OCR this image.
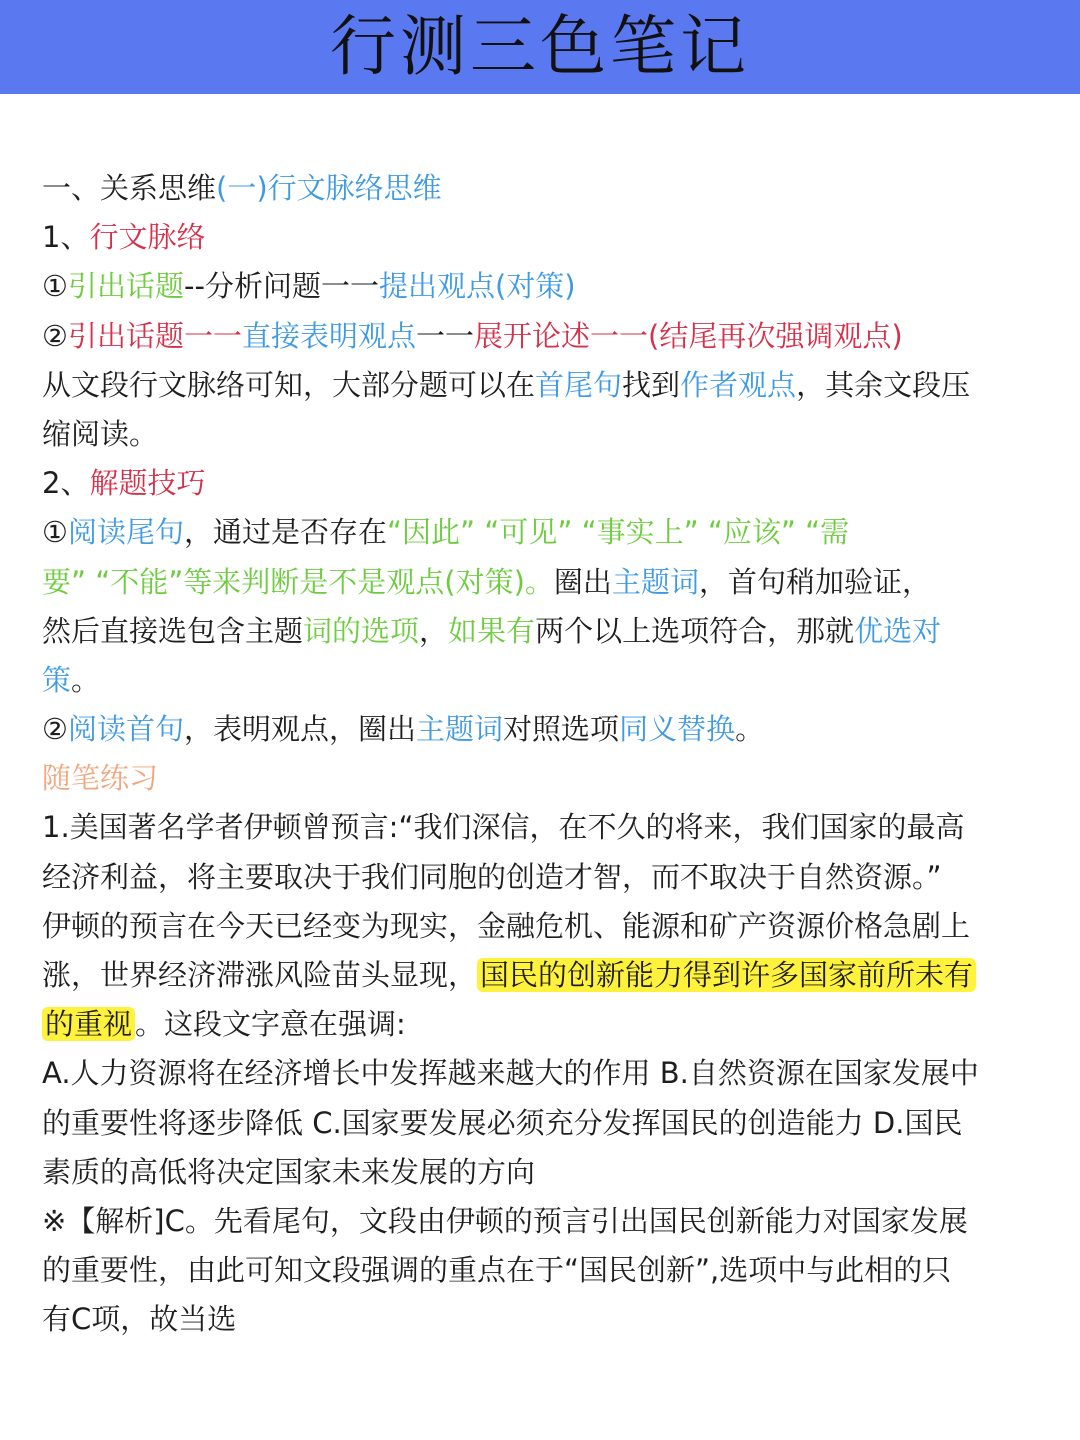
行测三色笔记
一、关系思维(一)行文脉络思维
1、行文脉络
①引出话题--分析问题一一提出观点(对策)
②引出话题一一直接表明观点一一展开论述一一(结尾再次强调观点)
从文段行文脉络可知，大部分题可以在首尾句找到作者观点，其余文段压
缩阅读。
2、解题技巧
①阅读尾句，通过是否存在“因此” “可见” “事实上” “应该” “需
要” “不能”等来判断是不是观点(对策)。圈出主题词，首句稍加验证，
然后直接选包含主题词的选项，如果有两个以上选项符合，那就优选对
策。
②阅读首句，表明观点，圈出主题词对照选项同义替换。
随笔练习
1.美国著名学者伊顿曾预言:“我们深信，在不久的将来，我们国家的最高
经济利益，将主要取决于我们同胞的创造才智，而不取决于自然资源。”
伊顿的预言在今天已经变为现实，金融危机、能源和矿产资源价格急剧上
涨，世界经济滞涨风险苗头显现， 国民的创新能力得到许多国家前所未有
的重视 。这段文字意在强调:
A.人力资源将在经济增长中发挥越来越大的作用 B.自然资源在国家发展中
的重要性将逐步降低 C.国家要发展必须充分发挥国民的创造能力 D.国民
素质的高低将决定国家未来发展的方向
※【解析]C。先看尾句，文段由伊顿的预言引出国民创新能力对国家发展
的重要性，由此可知文段强调的重点在于“国民创新”,选项中与此相的只
有C项，故当选
